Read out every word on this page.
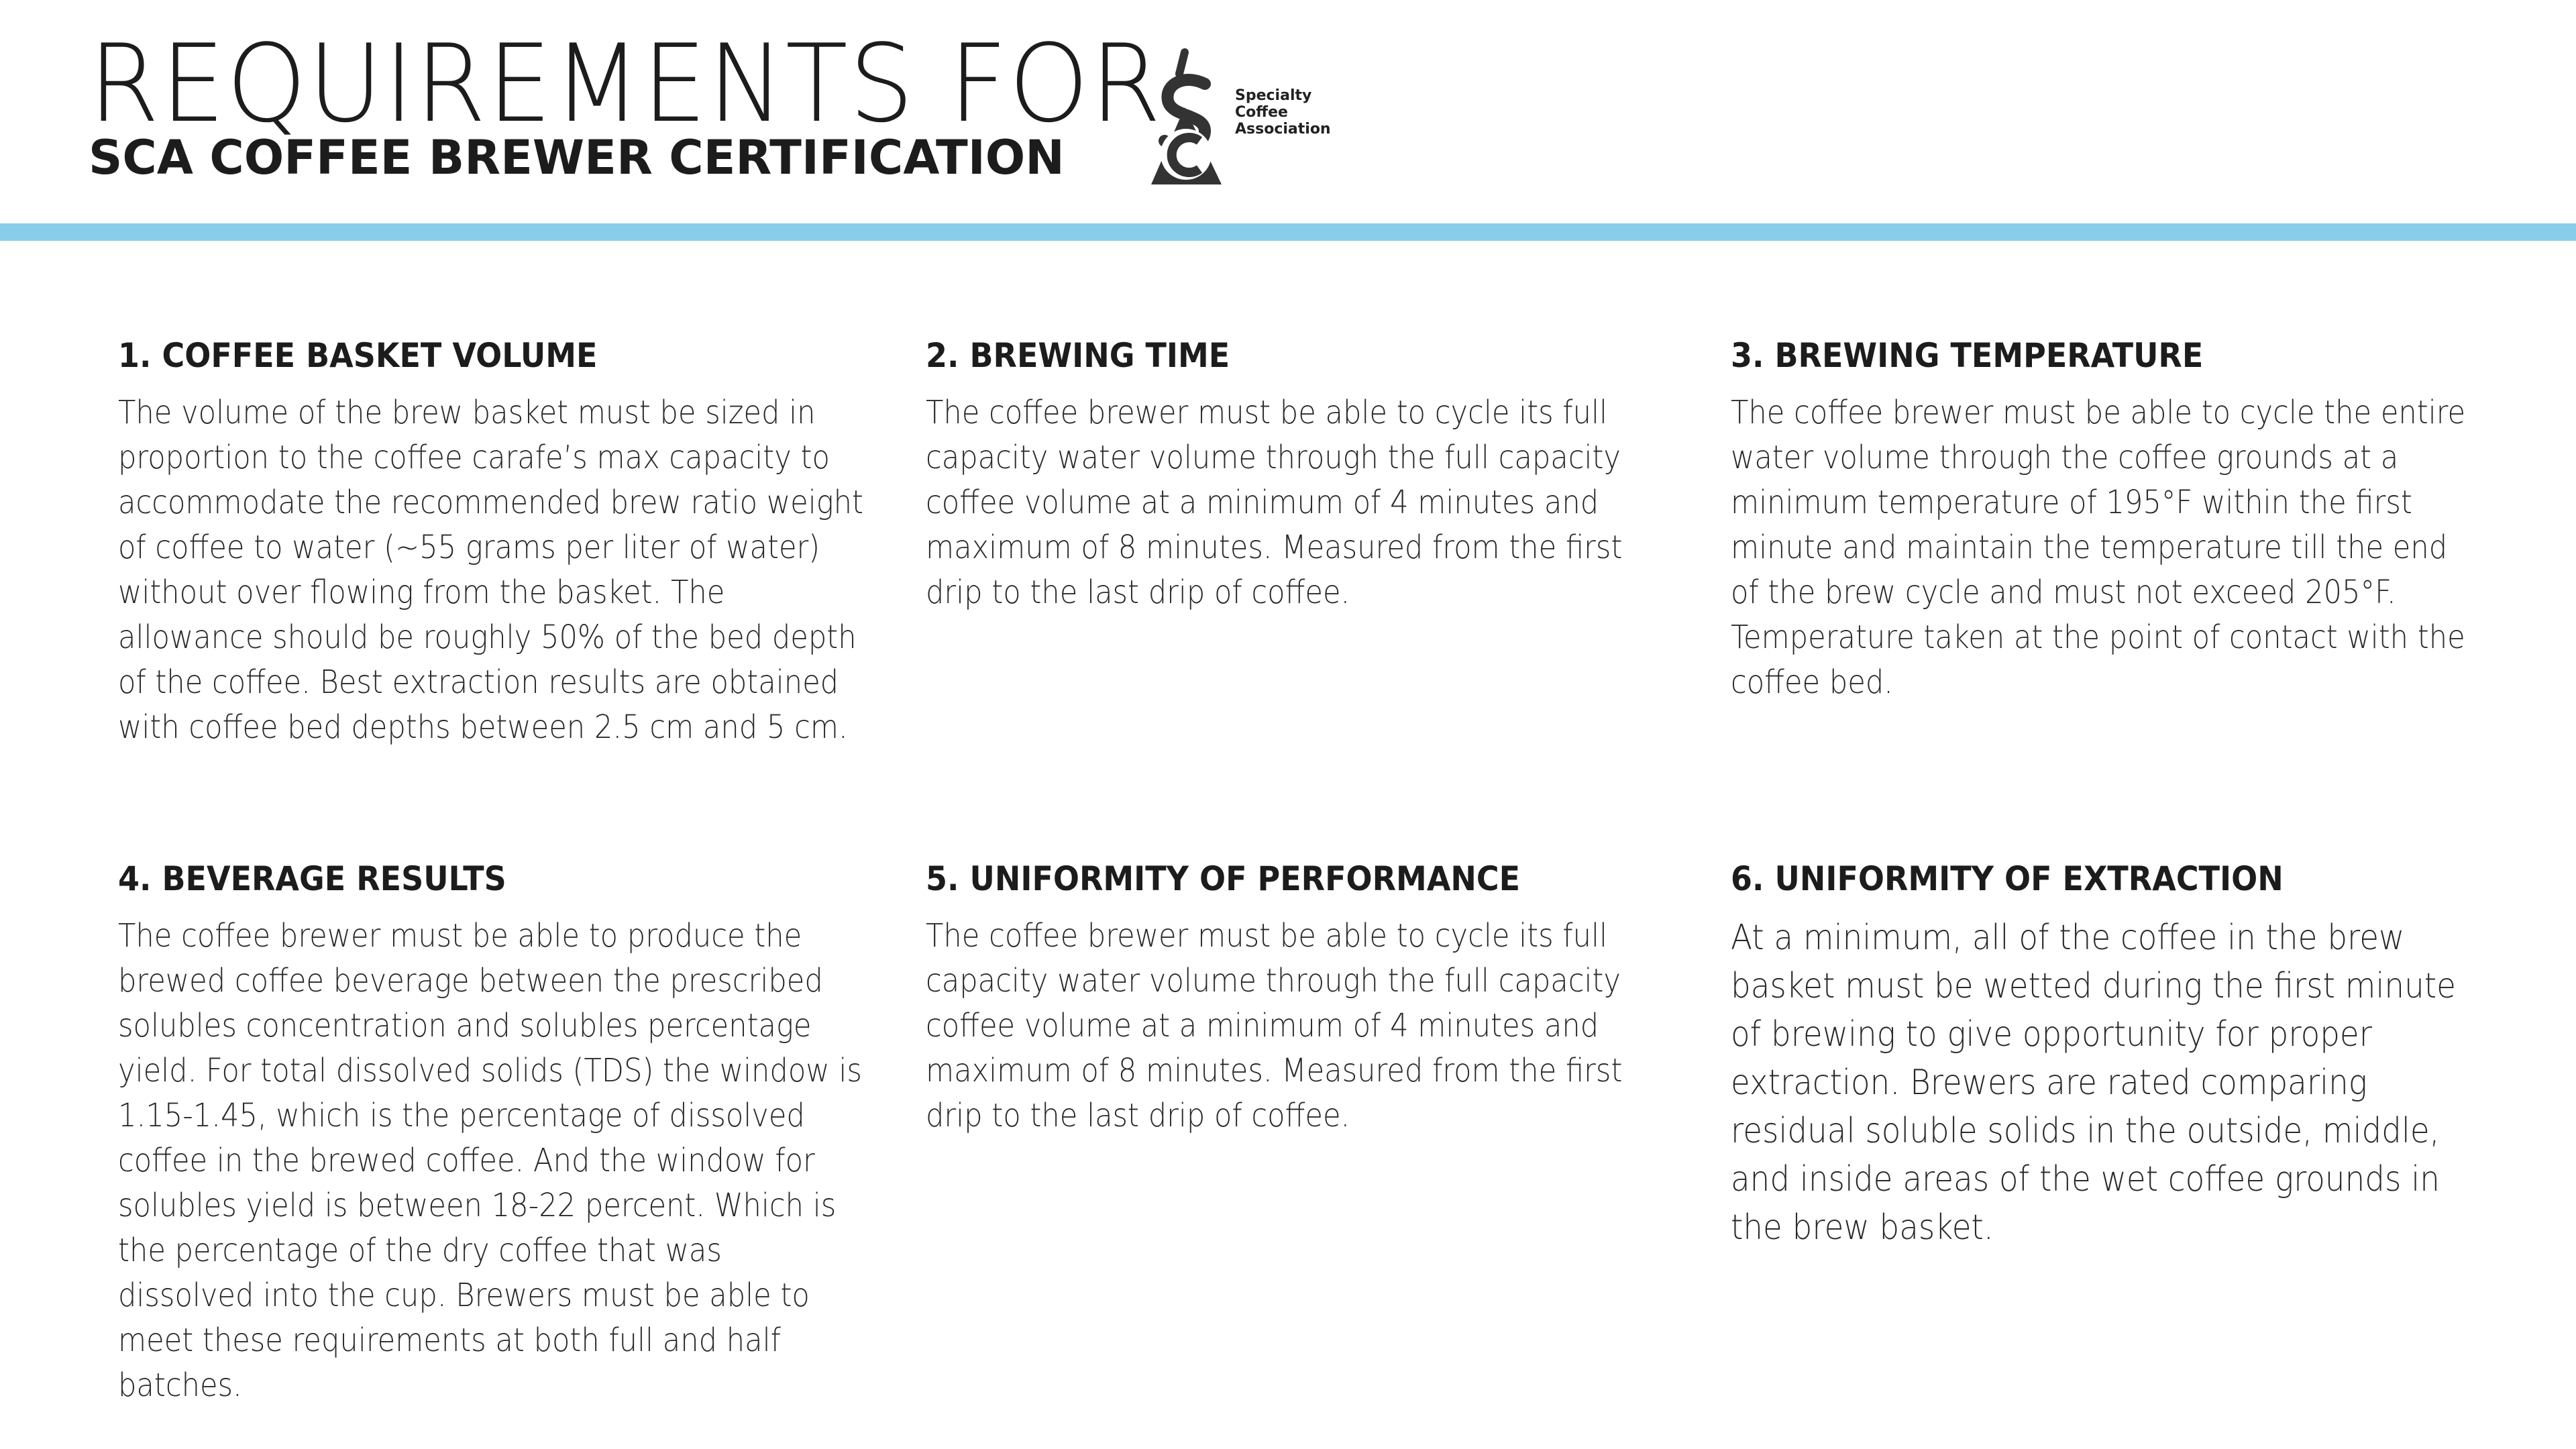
REQUIREMENTS FOR
SCA COFFEE BREWER CERTIFICATION
Specialty
Coffee
Association
1. COFFEE BASKET VOLUME

The volume of the brew basket must be sized in proportion to the coffee carafe’s max capacity to accommodate the recommended brew ratio weight of coffee to water (~55 grams per liter of water) without over flowing from the basket. The allowance should be roughly 50% of the bed depth of the coffee. Best extraction results are obtained with coffee bed depths between 2.5 cm and 5 cm.

2. BREWING TIME

The coffee brewer must be able to cycle its full capacity water volume through the full capacity coffee volume at a minimum of 4 minutes and maximum of 8 minutes. Measured from the first drip to the last drip of coffee.

3. BREWING TEMPERATURE

The coffee brewer must be able to cycle the entire water volume through the coffee grounds at a minimum temperature of 195°F within the first minute and maintain the temperature till the end of the brew cycle and must not exceed 205°F. Temperature taken at the point of contact with the coffee bed.

4. BEVERAGE RESULTS

The coffee brewer must be able to produce the brewed coffee beverage between the prescribed solubles concentration and solubles percentage yield. For total dissolved solids (TDS) the window is 1.15-1.45, which is the percentage of dissolved coffee in the brewed coffee. And the window for solubles yield is between 18-22 percent. Which is the percentage of the dry coffee that was dissolved into the cup. Brewers must be able to meet these requirements at both full and half batches.

5. UNIFORMITY OF PERFORMANCE

The coffee brewer must be able to cycle its full capacity water volume through the full capacity coffee volume at a minimum of 4 minutes and maximum of 8 minutes. Measured from the first drip to the last drip of coffee.

6. UNIFORMITY OF EXTRACTION

At a minimum, all of the coffee in the brew basket must be wetted during the first minute of brewing to give opportunity for proper extraction. Brewers are rated comparing residual soluble solids in the outside, middle, and inside areas of the wet coffee grounds in the brew basket.
